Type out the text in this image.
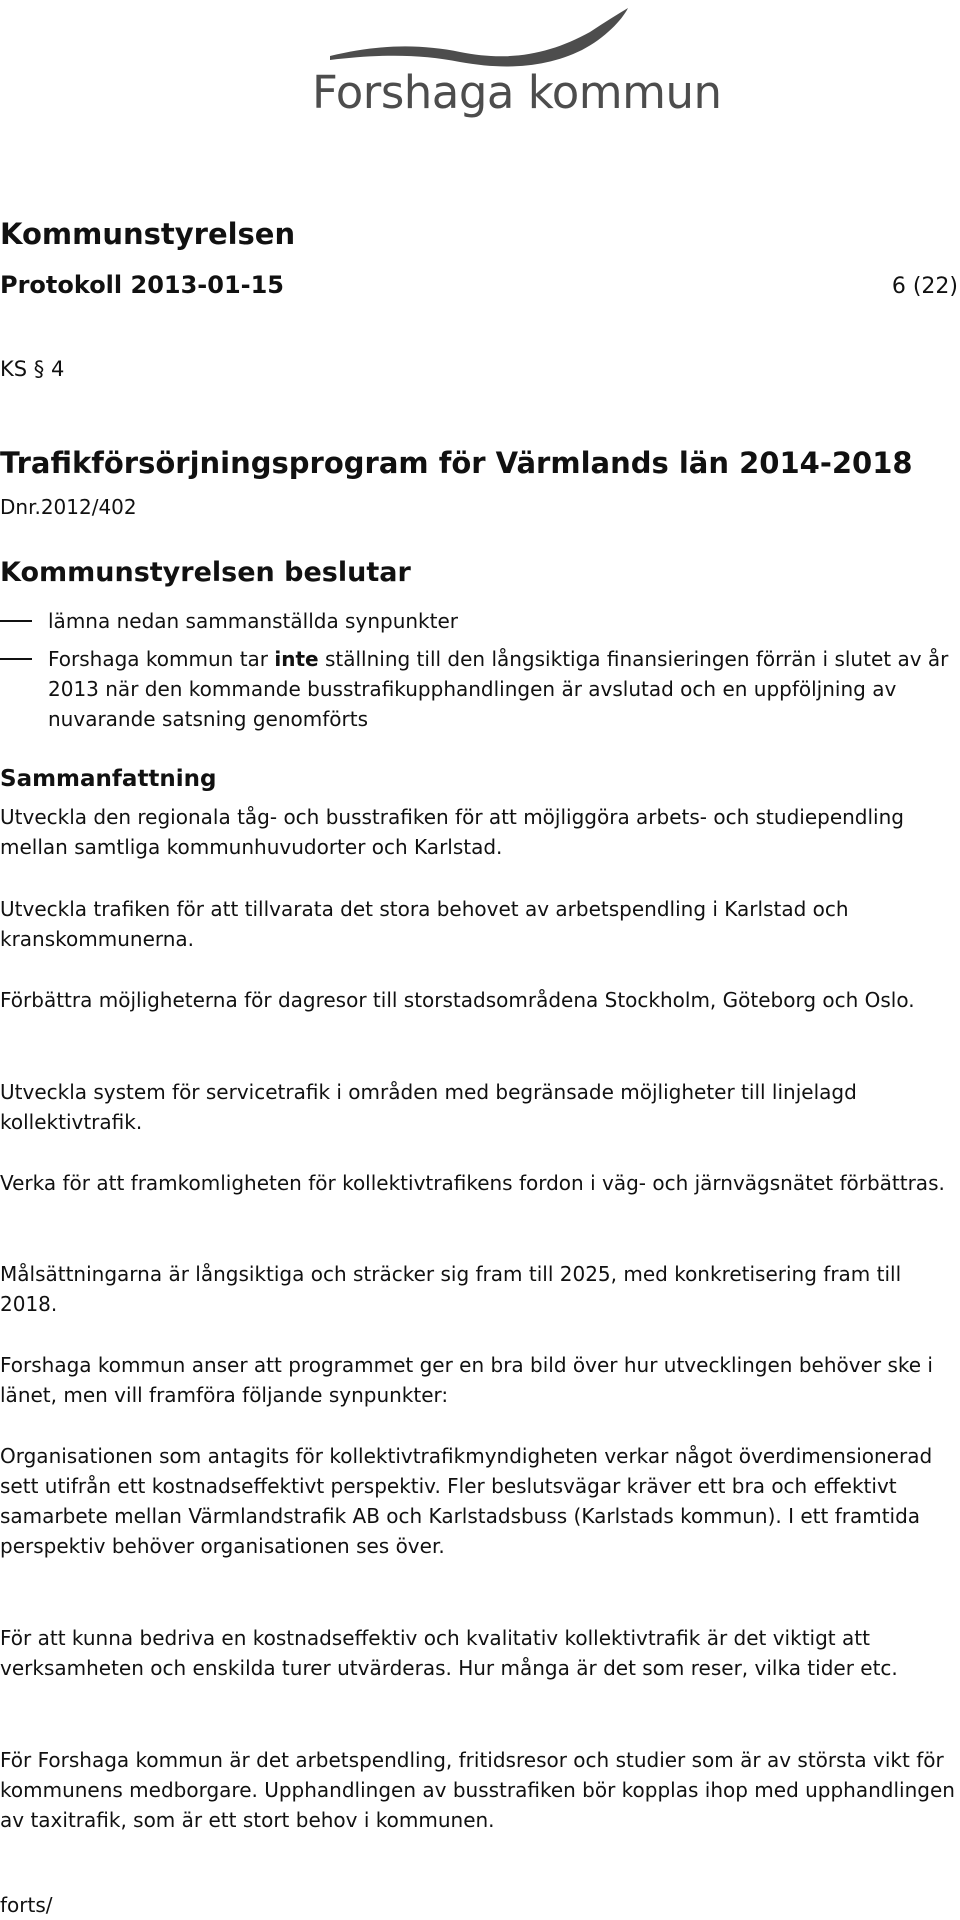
Forshaga kommun
Kommunstyrelsen
Protokoll 2013-01-15	6 (22)
KS § 4
Trafikförsörjningsprogram för Värmlands län 2014-2018
Dnr.2012/402
Kommunstyrelsen beslutar

lämna nedan sammanställda synpunkter

Forshaga kommun tar inte ställning till den långsiktiga finansieringen förrän i slutet av år 2013 när den kommande busstrafikupphandlingen är avslutad och en uppföljning av nuvarande satsning genomförts

Sammanfattning

Utveckla den regionala tåg- och busstrafiken för att möjliggöra arbets- och studiependling mellan samtliga kommunhuvudorter och Karlstad.

Utveckla trafiken för att tillvarata det stora behovet av arbetspendling i Karlstad och kranskommunerna.

Förbättra möjligheterna för dagresor till storstadsområdena Stockholm, Göteborg och Oslo.

Utveckla system för servicetrafik i områden med begränsade möjligheter till linjelagd kollektivtrafik.

Verka för att framkomligheten för kollektivtrafikens fordon i väg- och järnvägsnätet förbättras.

Målsättningarna är långsiktiga och sträcker sig fram till 2025, med konkretisering fram till 2018.

Forshaga kommun anser att programmet ger en bra bild över hur utvecklingen behöver ske i länet, men vill framföra följande synpunkter:

Organisationen som antagits för kollektivtrafikmyndigheten verkar något överdimensionerad sett utifrån ett kostnadseffektivt perspektiv. Fler beslutsvägar kräver ett bra och effektivt samarbete mellan Värmlandstrafik AB och Karlstadsbuss (Karlstads kommun). I ett framtida perspektiv behöver organisationen ses över.

För att kunna bedriva en kostnadseffektiv och kvalitativ kollektivtrafik är det viktigt att verksamheten och enskilda turer utvärderas. Hur många är det som reser, vilka tider etc.

För Forshaga kommun är det arbetspendling, fritidsresor och studier som är av största vikt för kommunens medborgare. Upphandlingen av busstrafiken bör kopplas ihop med upphandlingen av taxitrafik, som är ett stort behov i kommunen.

forts/
